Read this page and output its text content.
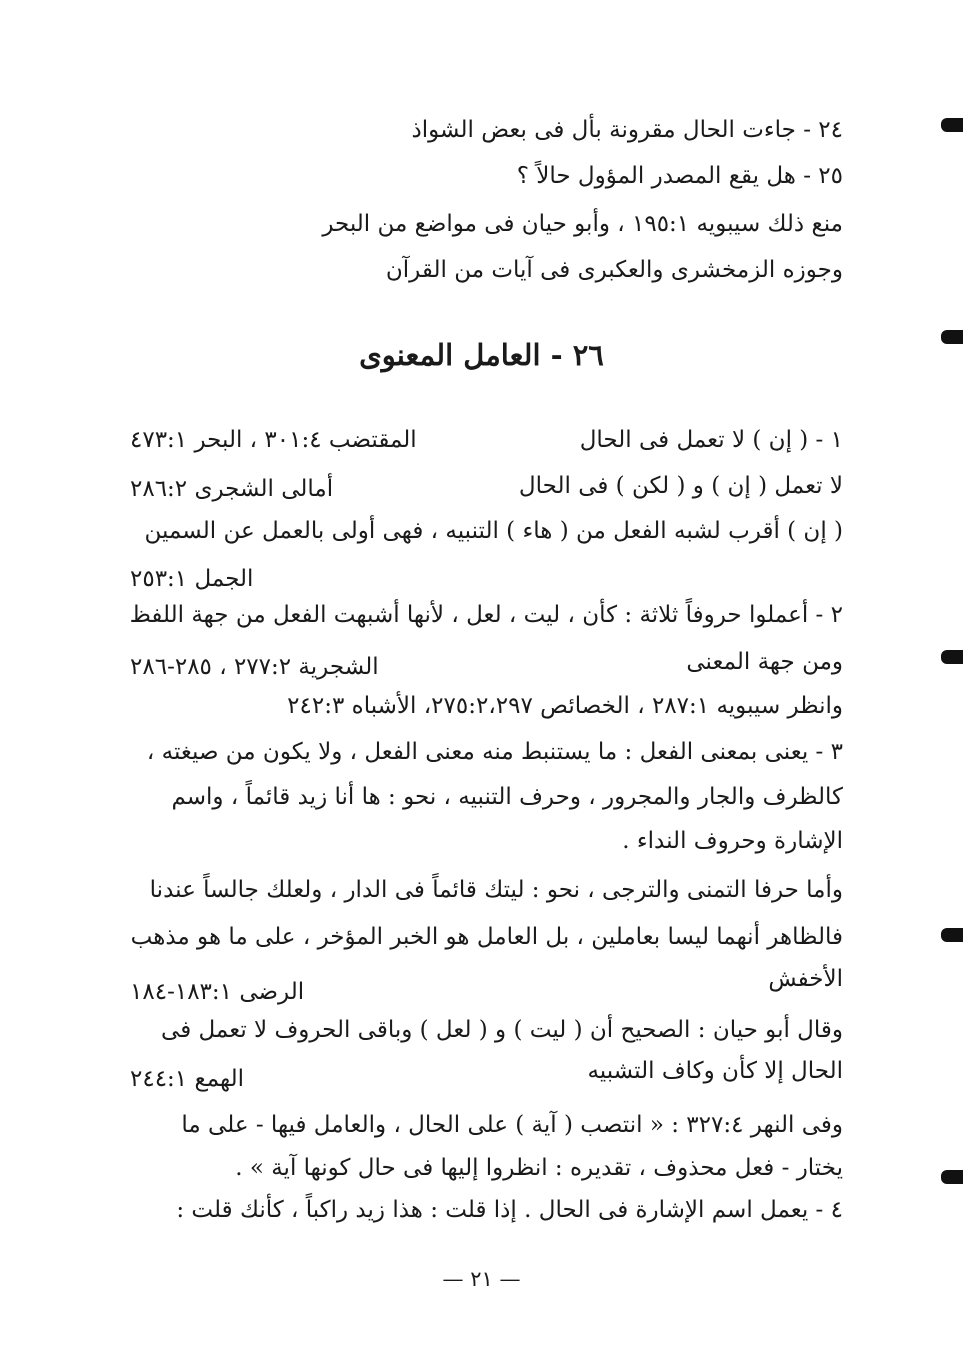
٢٤ - جاءت الحال مقرونة بأل فى بعض الشواذ
٢٥ - هل يقع المصدر المؤول حالاً ؟
منع ذلك سيبويه ١٩٥:١ ، وأبو حيان فى مواضع من البحر
وجوزه الزمخشرى والعكبرى فى آيات من القرآن
٢٦ - العامل المعنوى
١ - ( إن ) لا تعمل فى الحال
المقتضب ٣٠١:٤ ، البحر ٤٧٣:١
لا تعمل ( إن ) و ( لكن ) فى الحال
أمالى الشجرى ٢٨٦:٢
( إن ) أقرب لشبه الفعل من ( هاء ) التنبيه ، فهى أولى بالعمل عن السمين
الجمل ٢٥٣:١
٢ - أعملوا حروفاً ثلاثة : كأن ، ليت ، لعل ، لأنها أشبهت الفعل من جهة اللفظ
ومن جهة المعنى
الشجرية ٢٧٧:٢ ، ٢٨٥-٢٨٦
وانظر سيبويه ٢٨٧:١ ، الخصائص ٢٧٥:٢،٢٩٧، الأشباه ٢٤٢:٣
٣ - يعنى بمعنى الفعل : ما يستنبط منه معنى الفعل ، ولا يكون من صيغته ،
كالظرف والجار والمجرور ، وحرف التنبيه ، نحو : ها أنا زيد قائماً ، واسم
الإشارة وحروف النداء .
وأما حرفا التمنى والترجى ، نحو : ليتك قائماً فى الدار ، ولعلك جالساً عندنا
فالظاهر أنهما ليسا بعاملين ، بل العامل هو الخبر المؤخر ، على ما هو مذهب
الأخفش
الرضى ١٨٣:١-١٨٤
وقال أبو حيان : الصحيح أن ( ليت ) و ( لعل ) وباقى الحروف لا تعمل فى
الحال إلا كأن وكاف التشبيه
الهمع ٢٤٤:١
وفى النهر ٣٢٧:٤ : « انتصب ( آية ) على الحال ، والعامل فيها - على ما
يختار - فعل محذوف ، تقديره : انظروا إليها فى حال كونها آية » .
٤ - يعمل اسم الإشارة فى الحال . إذا قلت : هذا زيد راكباً ، كأنك قلت :
— ٢١ —
